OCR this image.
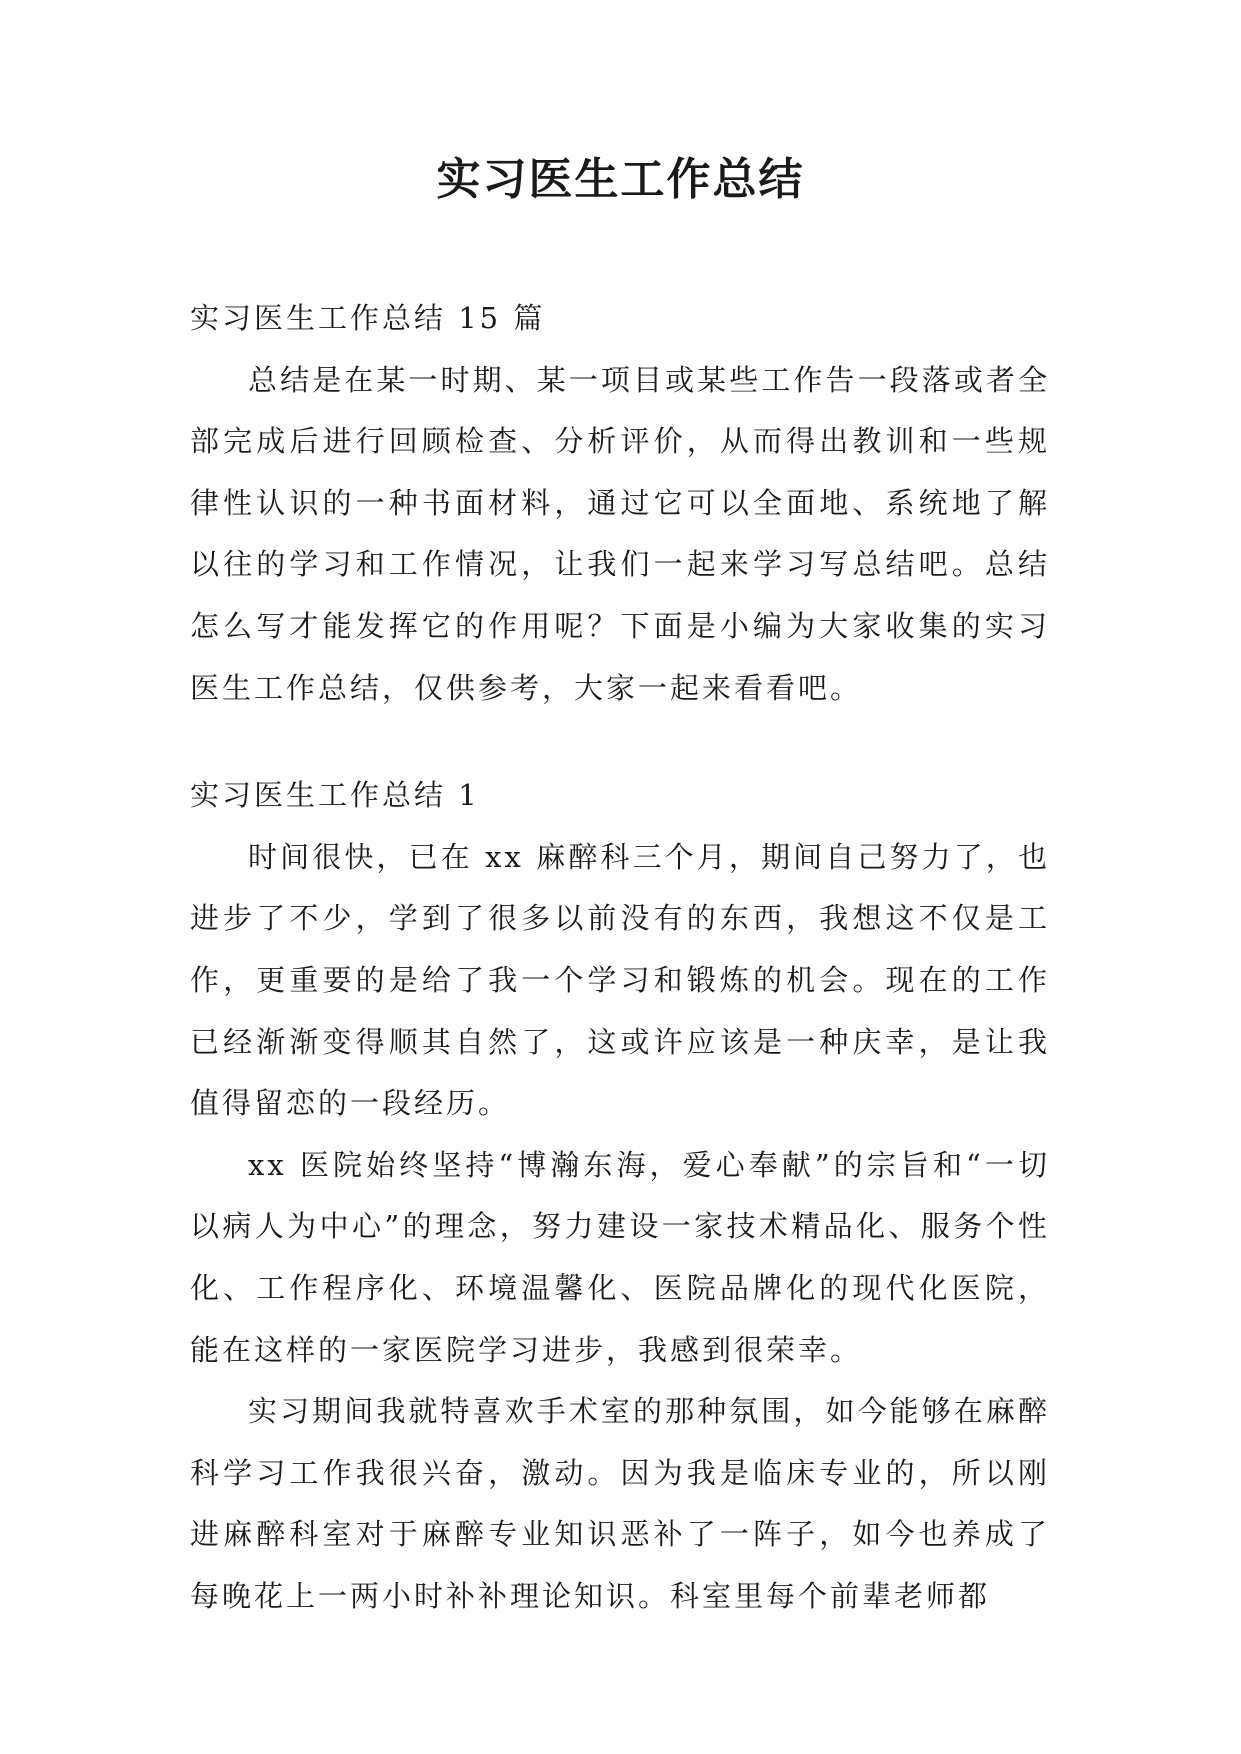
实习医生工作总结

实习医生工作总结 15 篇

总结是在某一时期、某一项目或某些工作告一段落或者全部完成后进行回顾检查、分析评价，从而得出教训和一些规律性认识的一种书面材料，通过它可以全面地、系统地了解以往的学习和工作情况，让我们一起来学习写总结吧。总结怎么写才能发挥它的作用呢？下面是小编为大家收集的实习医生工作总结，仅供参考，大家一起来看看吧。

实习医生工作总结 1

时间很快，已在 xx 麻醉科三个月，期间自己努力了，也进步了不少，学到了很多以前没有的东西，我想这不仅是工作，更重要的是给了我一个学习和锻炼的机会。现在的工作已经渐渐变得顺其自然了，这或许应该是一种庆幸，是让我值得留恋的一段经历。

xx 医院始终坚持“博瀚东海，爱心奉献”的宗旨和“一切以病人为中心”的理念，努力建设一家技术精品化、服务个性化、工作程序化、环境温馨化、医院品牌化的现代化医院，能在这样的一家医院学习进步，我感到很荣幸。

实习期间我就特喜欢手术室的那种氛围，如今能够在麻醉科学习工作我很兴奋，激动。因为我是临床专业的，所以刚进麻醉科室对于麻醉专业知识恶补了一阵子，如今也养成了每晚花上一两小时补补理论知识。科室里每个前辈老师都
